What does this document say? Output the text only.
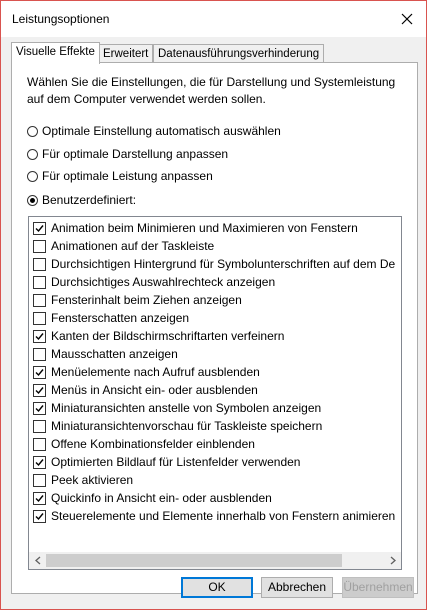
Leistungsoptionen
Visuelle Effekte Erweitert Datenausführungsverhinderung
Wählen Sie die Einstellungen, die für Darstellung und Systemleistung auf dem Computer verwendet werden sollen.
Optimale Einstellung automatisch auswählen
Für optimale Darstellung anpassen
Für optimale Leistung anpassen
Benutzerdefiniert:
Animation beim Minimieren und Maximieren von Fenstern
Animationen auf der Taskleiste
Durchsichtigen Hintergrund für Symbolunterschriften auf dem De
Durchsichtiges Auswahlrechteck anzeigen
Fensterinhalt beim Ziehen anzeigen
Fensterschatten anzeigen
Kanten der Bildschirmschriftarten verfeinern
Mausschatten anzeigen
Menüelemente nach Aufruf ausblenden
Menüs in Ansicht ein- oder ausblenden
Miniaturansichten anstelle von Symbolen anzeigen
Miniaturansichtenvorschau für Taskleiste speichern
Offene Kombinationsfelder einblenden
Optimierten Bildlauf für Listenfelder verwenden
Peek aktivieren
Quickinfo in Ansicht ein- oder ausblenden
Steuerelemente und Elemente innerhalb von Fenstern animieren
OK	Abbrechen	Übernehmen
